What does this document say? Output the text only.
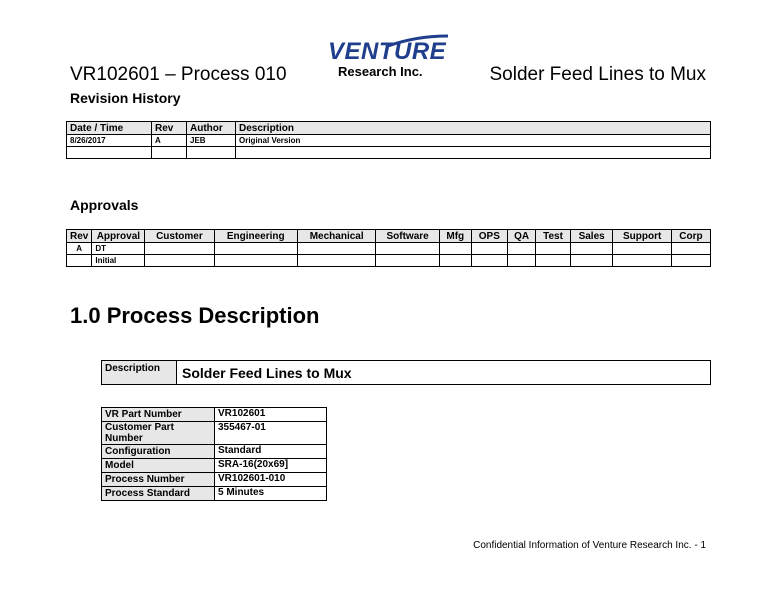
VR102601 – Process 010
Revision History
VENTURE
Research Inc.	Solder Feed Lines to Mux
Date / Time	Rev	Author	Description
8/26/2017	A	JEB	Original Version

Approvals
Rev	Approval	Customer	Engineering	Mechanical	Software	Mfg	OPS	QA	Test	Sales	Support	Corp
A	DT											
	Initial											
1.0 Process Description
Description	Solder Feed Lines to Mux
VR Part Number	VR102601
Customer Part Number	355467-01
Configuration	Standard
Model	SRA-16(20x69]
Process Number	VR102601-010
Process Standard	5 Minutes
Confidential Information of Venture Research Inc. - 1
